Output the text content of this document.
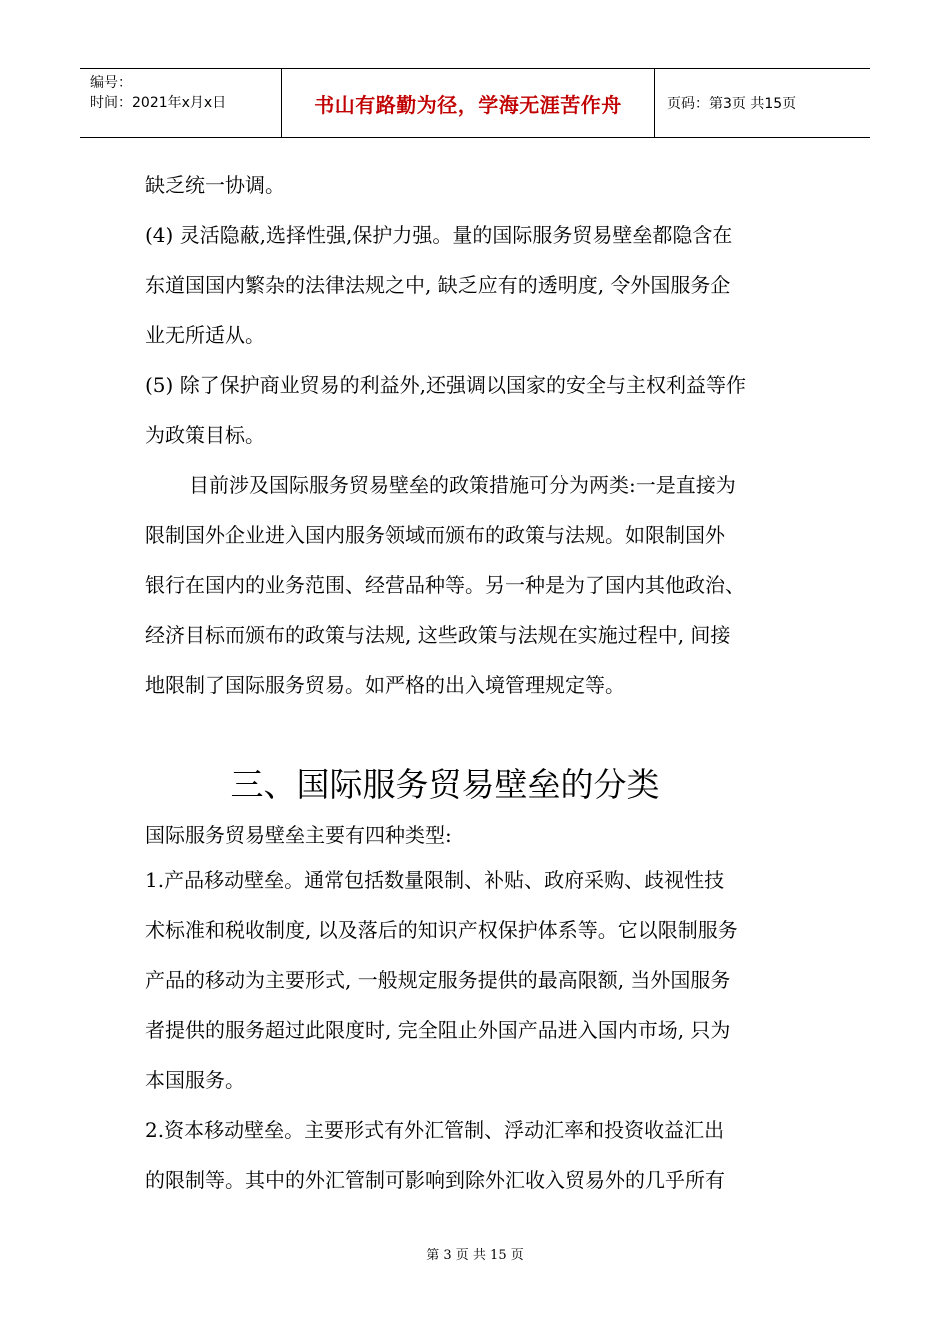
编号：
时间：2021年x月x日	书山有路勤为径，学海无涯苦作舟	页码：第3页 共15页
缺乏统一协调。
(4) 灵活隐蔽,选择性强,保护力强。量的国际服务贸易壁垒都隐含在
东道国国内繁杂的法律法规之中, 缺乏应有的透明度, 令外国服务企
业无所适从。
(5) 除了保护商业贸易的利益外,还强调以国家的安全与主权利益等作
为政策目标。
目前涉及国际服务贸易壁垒的政策措施可分为两类:一是直接为
限制国外企业进入国内服务领域而颁布的政策与法规。如限制国外
银行在国内的业务范围、经营品种等。另一种是为了国内其他政治、
经济目标而颁布的政策与法规, 这些政策与法规在实施过程中, 间接
地限制了国际服务贸易。如严格的出入境管理规定等。
三、国际服务贸易壁垒的分类
国际服务贸易壁垒主要有四种类型:
1.产品移动壁垒。通常包括数量限制、补贴、政府采购、歧视性技
术标准和税收制度, 以及落后的知识产权保护体系等。它以限制服务
产品的移动为主要形式, 一般规定服务提供的最高限额, 当外国服务
者提供的服务超过此限度时, 完全阻止外国产品进入国内市场, 只为
本国服务。
2.资本移动壁垒。主要形式有外汇管制、浮动汇率和投资收益汇出
的限制等。其中的外汇管制可影响到除外汇收入贸易外的几乎所有
第 3 页 共 15 页
